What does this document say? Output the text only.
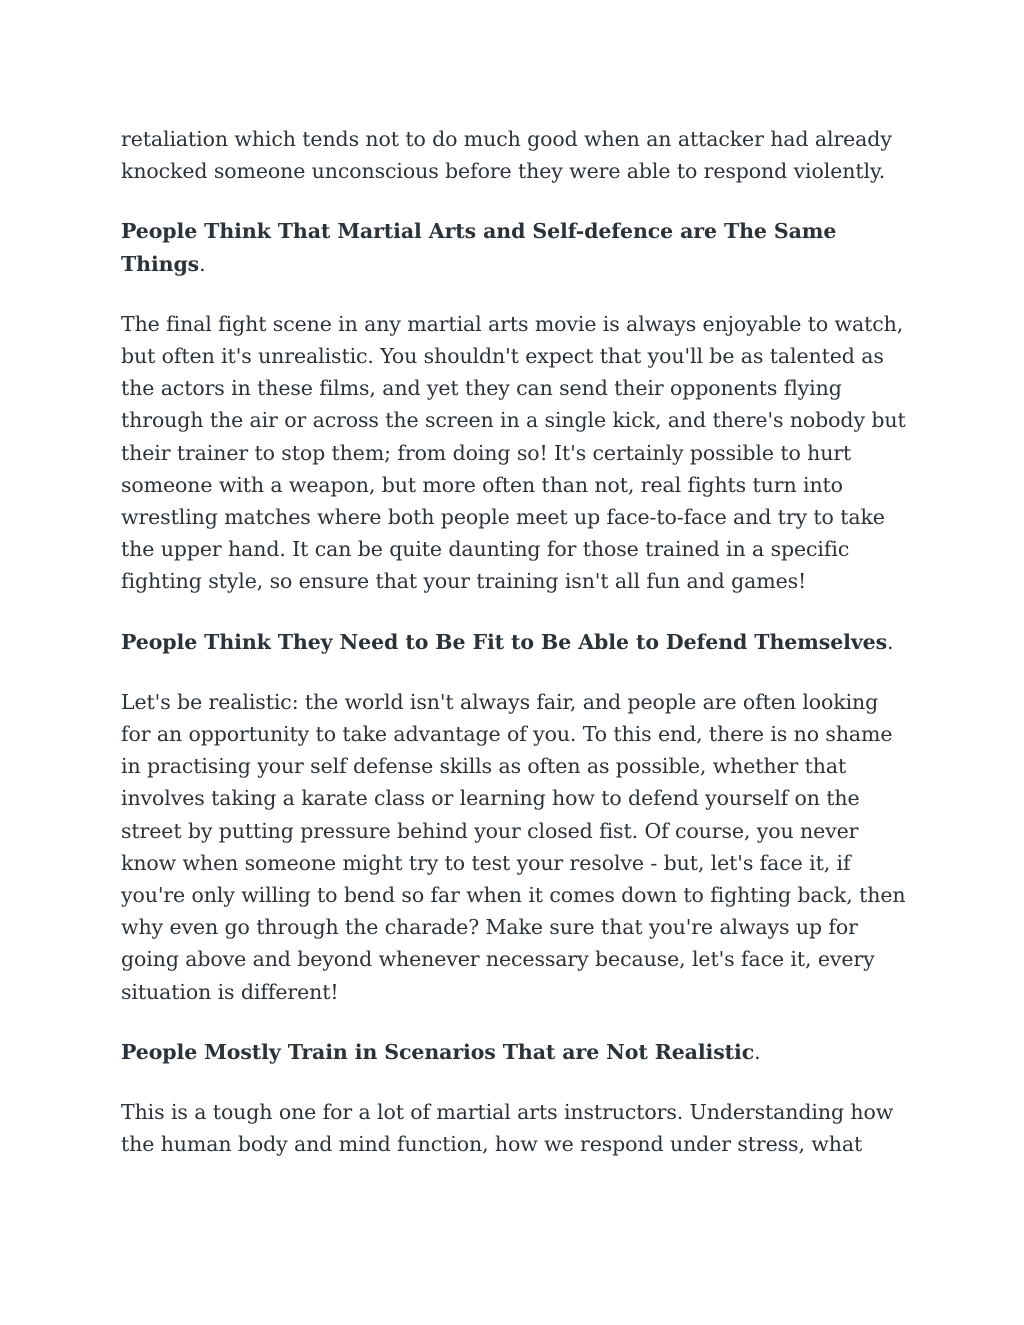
retaliation which tends not to do much good when an attacker had already knocked someone unconscious before they were able to respond violently.

People Think That Martial Arts and Self-defence are The Same Things.

The final fight scene in any martial arts movie is always enjoyable to watch, but often it's unrealistic. You shouldn't expect that you'll be as talented as the actors in these films, and yet they can send their opponents flying through the air or across the screen in a single kick, and there's nobody but their trainer to stop them; from doing so! It's certainly possible to hurt someone with a weapon, but more often than not, real fights turn into wrestling matches where both people meet up face-to-face and try to take the upper hand. It can be quite daunting for those trained in a specific fighting style, so ensure that your training isn't all fun and games!

People Think They Need to Be Fit to Be Able to Defend Themselves.

Let's be realistic: the world isn't always fair, and people are often looking for an opportunity to take advantage of you. To this end, there is no shame in practising your self defense skills as often as possible, whether that involves taking a karate class or learning how to defend yourself on the street by putting pressure behind your closed fist. Of course, you never know when someone might try to test your resolve - but, let's face it, if you're only willing to bend so far when it comes down to fighting back, then why even go through the charade? Make sure that you're always up for going above and beyond whenever necessary because, let's face it, every situation is different!

People Mostly Train in Scenarios That are Not Realistic.

This is a tough one for a lot of martial arts instructors. Understanding how the human body and mind function, how we respond under stress, what
